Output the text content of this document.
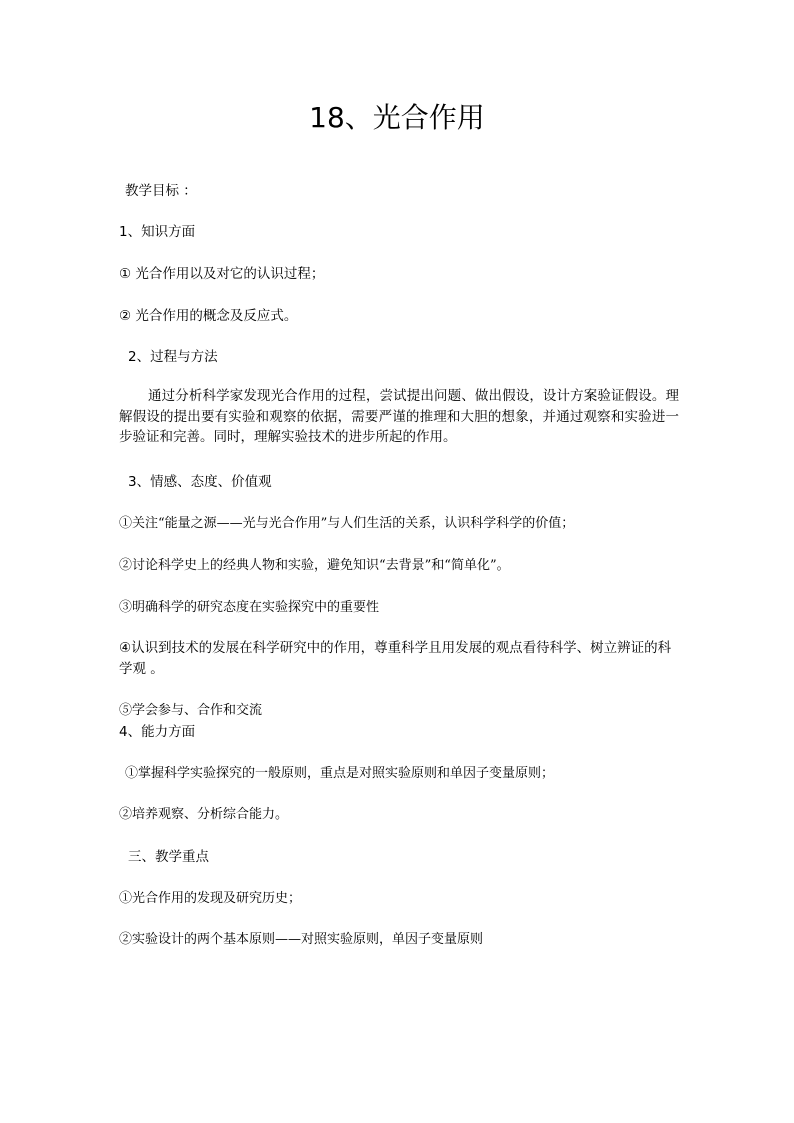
18、光合作用
教学目标 ：
1、知识方面
① 光合作用以及对它的认识过程；
② 光合作用的概念及反应式。
2、过程与方法
通过分析科学家发现光合作用的过程，尝试提出问题、做出假设，设计方案验证假设。理解假设的提出要有实验和观察的依据，需要严谨的推理和大胆的想象，并通过观察和实验进一步验证和完善。同时，理解实验技术的进步所起的作用。
3、情感、态度、价值观
①关注“能量之源——光与光合作用”与人们生活的关系，认识科学科学的价值；
②讨论科学史上的经典人物和实验，避免知识“去背景”和“简单化”。
③明确科学的研究态度在实验探究中的重要性
④认识到技术的发展在科学研究中的作用，尊重科学且用发展的观点看待科学、树立辨证的科学观 。
⑤学会参与、合作和交流
4、能力方面
①掌握科学实验探究的一般原则，重点是对照实验原则和单因子变量原则；
②培养观察、分析综合能力。
三、教学重点
①光合作用的发现及研究历史；
②实验设计的两个基本原则——对照实验原则，单因子变量原则
